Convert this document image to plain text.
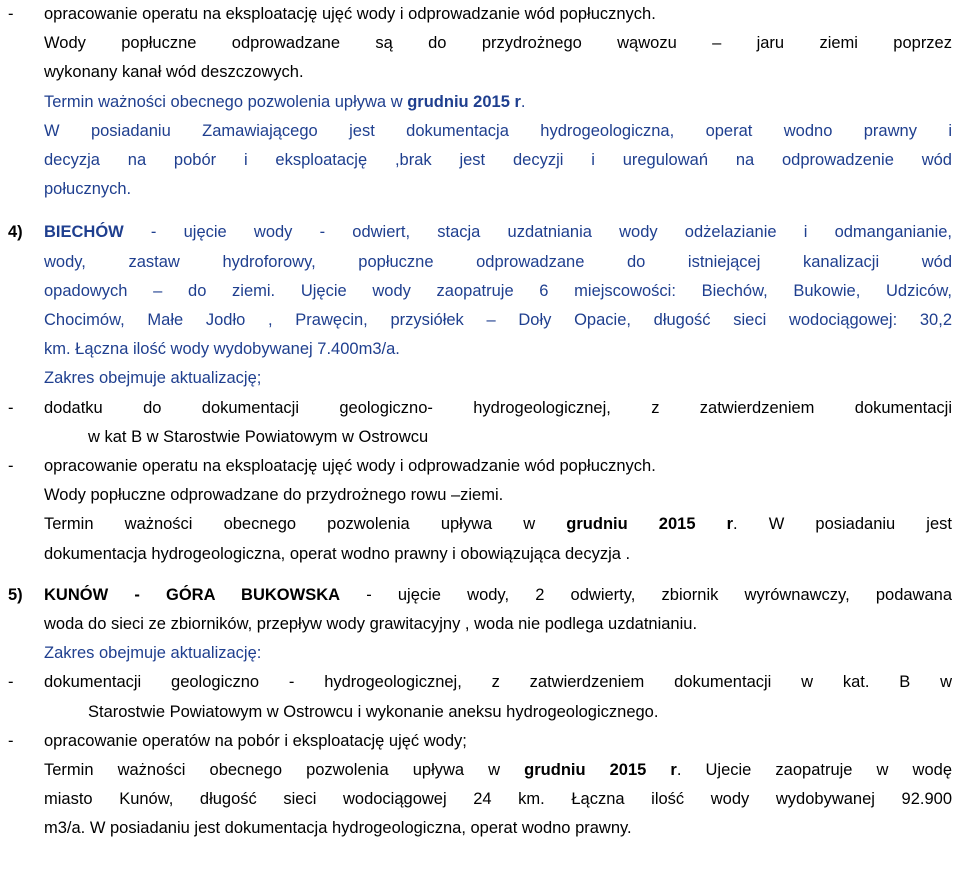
- opracowanie operatu na eksploatację ujęć wody i odprowadzanie wód popłucznych.
Wody popłuczne odprowadzane są do przydrożnego wąwozu – jaru ziemi poprzez
wykonany kanał wód deszczowych.
Termin ważności obecnego pozwolenia upływa w grudniu 2015 r.
W posiadaniu Zamawiającego jest dokumentacja hydrogeologiczna, operat wodno prawny i
decyzja na pobór i eksploatację ,brak jest decyzji i uregulowań na odprowadzenie wód
połucznych.
4) BIECHÓW - ujęcie wody - odwiert, stacja uzdatniania wody odżelazianie i odmanganianie,
wody, zastaw hydroforowy, popłuczne odprowadzane do istniejącej kanalizacji wód
opadowych – do ziemi. Ujęcie wody zaopatruje 6 miejscowości: Biechów, Bukowie, Udziców,
Chocimów, Małe Jodło , Prawęcin, przysiółek – Doły Opacie, długość sieci wodociągowej: 30,2
km. Łączna ilość wody wydobywanej 7.400m3/a.
Zakres obejmuje aktualizację;
- dodatku do dokumentacji geologiczno- hydrogeologicznej, z zatwierdzeniem dokumentacji
w kat B w Starostwie Powiatowym w Ostrowcu
- opracowanie operatu na eksploatację ujęć wody i odprowadzanie wód popłucznych.
Wody popłuczne odprowadzane do przydrożnego rowu –ziemi.
Termin ważności obecnego pozwolenia upływa w grudniu 2015 r. W posiadaniu jest
dokumentacja hydrogeologiczna, operat wodno prawny i obowiązująca decyzja .
5) KUNÓW - GÓRA BUKOWSKA - ujęcie wody, 2 odwierty, zbiornik wyrównawczy, podawana
woda do sieci ze zbiorników, przepływ wody grawitacyjny , woda nie podlega uzdatnianiu.
Zakres obejmuje aktualizację:
- dokumentacji geologiczno - hydrogeologicznej, z zatwierdzeniem dokumentacji w kat. B w
Starostwie Powiatowym w Ostrowcu i wykonanie aneksu hydrogeologicznego.
- opracowanie operatów na pobór i eksploatację ujęć wody;
Termin ważności obecnego pozwolenia upływa w grudniu 2015 r. Ujecie zaopatruje w wodę
miasto Kunów, długość sieci wodociągowej 24 km. Łączna ilość wody wydobywanej 92.900
m3/a. W posiadaniu jest dokumentacja hydrogeologiczna, operat wodno prawny.
